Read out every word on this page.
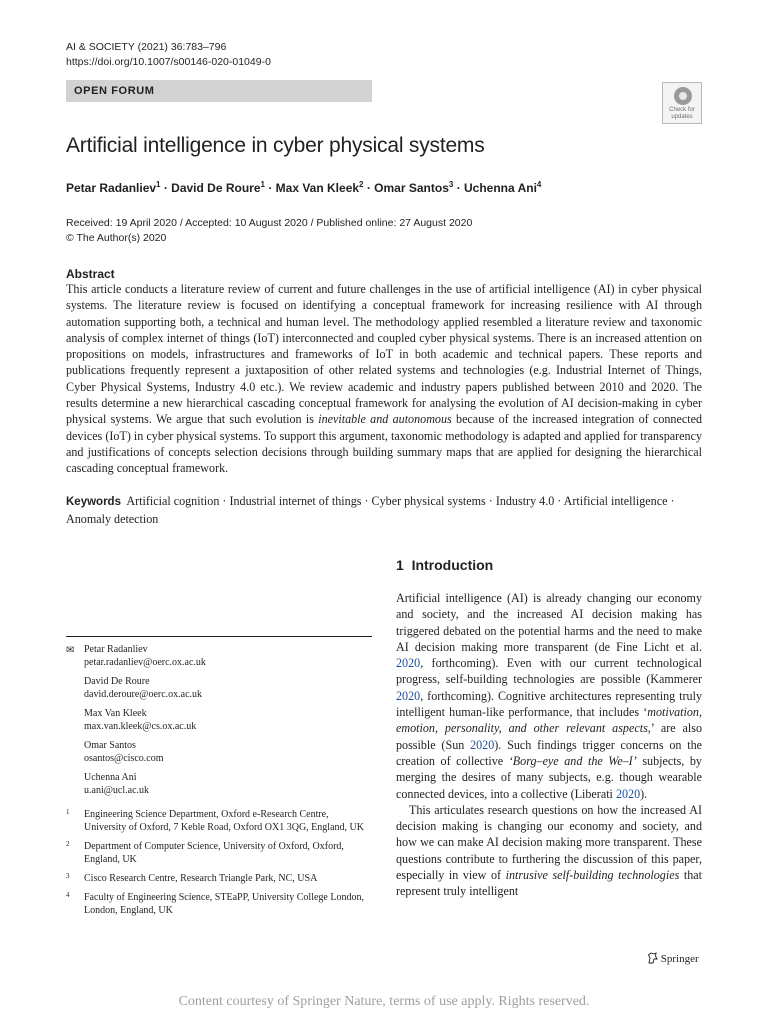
AI & SOCIETY (2021) 36:783–796
https://doi.org/10.1007/s00146-020-01049-0
OPEN FORUM
Check for
updates
Artificial intelligence in cyber physical systems
Petar Radanliev$^1$ · David De Roure$^1$ · Max Van Kleek$^2$ · Omar Santos$^3$ · Uchenna Ani$^4$
Received: 19 April 2020 / Accepted: 10 August 2020 / Published online: 27 August 2020
© The Author(s) 2020
Abstract

This article conducts a literature review of current and future challenges in the use of artificial intelligence (AI) in cyber physical systems. The literature review is focused on identifying a conceptual framework for increasing resilience with AI through automation supporting both, a technical and human level. The methodology applied resembled a literature review and taxonomic analysis of complex internet of things (IoT) interconnected and coupled cyber physical systems. There is an increased attention on propositions on models, infrastructures and frameworks of IoT in both academic and technical papers. These reports and publications frequently represent a juxtaposition of other related systems and technologies (e.g. Industrial Internet of Things, Cyber Physical Systems, Industry 4.0 etc.). We review academic and industry papers published between 2010 and 2020. The results determine a new hierarchical cascading conceptual framework for analysing the evolution of AI decision-making in cyber physical systems. We argue that such evolution is inevitable and autonomous because of the increased integration of connected devices (IoT) in cyber physical systems. To support this argument, taxonomic methodology is adapted and applied for transparency and justifications of concepts selection decisions through building summary maps that are applied for designing the hierarchical cascading conceptual framework.

Keywords Artificial cognition · Industrial internet of things · Cyber physical systems · Industry 4.0 · Artificial intelligence · Anomaly detection
✉ Petar Radanliev
petar.radanliev@oerc.ox.ac.uk
David De Roure
david.deroure@oerc.ox.ac.uk
Max Van Kleek
max.van.kleek@cs.ox.ac.uk
Omar Santos
osantos@cisco.com
Uchenna Ani
u.ani@ucl.ac.uk
1 Engineering Science Department, Oxford e-Research Centre, University of Oxford, 7 Keble Road, Oxford OX1 3QG, England, UK
2 Department of Computer Science, University of Oxford, Oxford, England, UK
3 Cisco Research Centre, Research Triangle Park, NC, USA
4 Faculty of Engineering Science, STEaPP, University College London, London, England, UK
1 Introduction

Artificial intelligence (AI) is already changing our economy and society, and the increased AI decision making has triggered debated on the potential harms and the need to make AI decision making more transparent (de Fine Licht et al. 2020, forthcoming). Even with our current technological progress, self-building technologies are possible (Kammerer 2020, forthcoming). Cognitive architectures representing truly intelligent human-like performance, that includes ‘motivation, emotion, personality, and other relevant aspects,’ are also possible (Sun 2020). Such findings trigger concerns on the creation of collective ‘Borg–eye and the We–I’ subjects, by merging the desires of many subjects, e.g. though wearable connected devices, into a collective (Liberati 2020).

This articulates research questions on how the increased AI decision making is changing our economy and society, and how we can make AI decision making more transparent. These questions contribute to furthering the discussion of this paper, especially in view of intrusive self-building technologies that represent truly intelligent

Springer
Content courtesy of Springer Nature, terms of use apply. Rights reserved.
